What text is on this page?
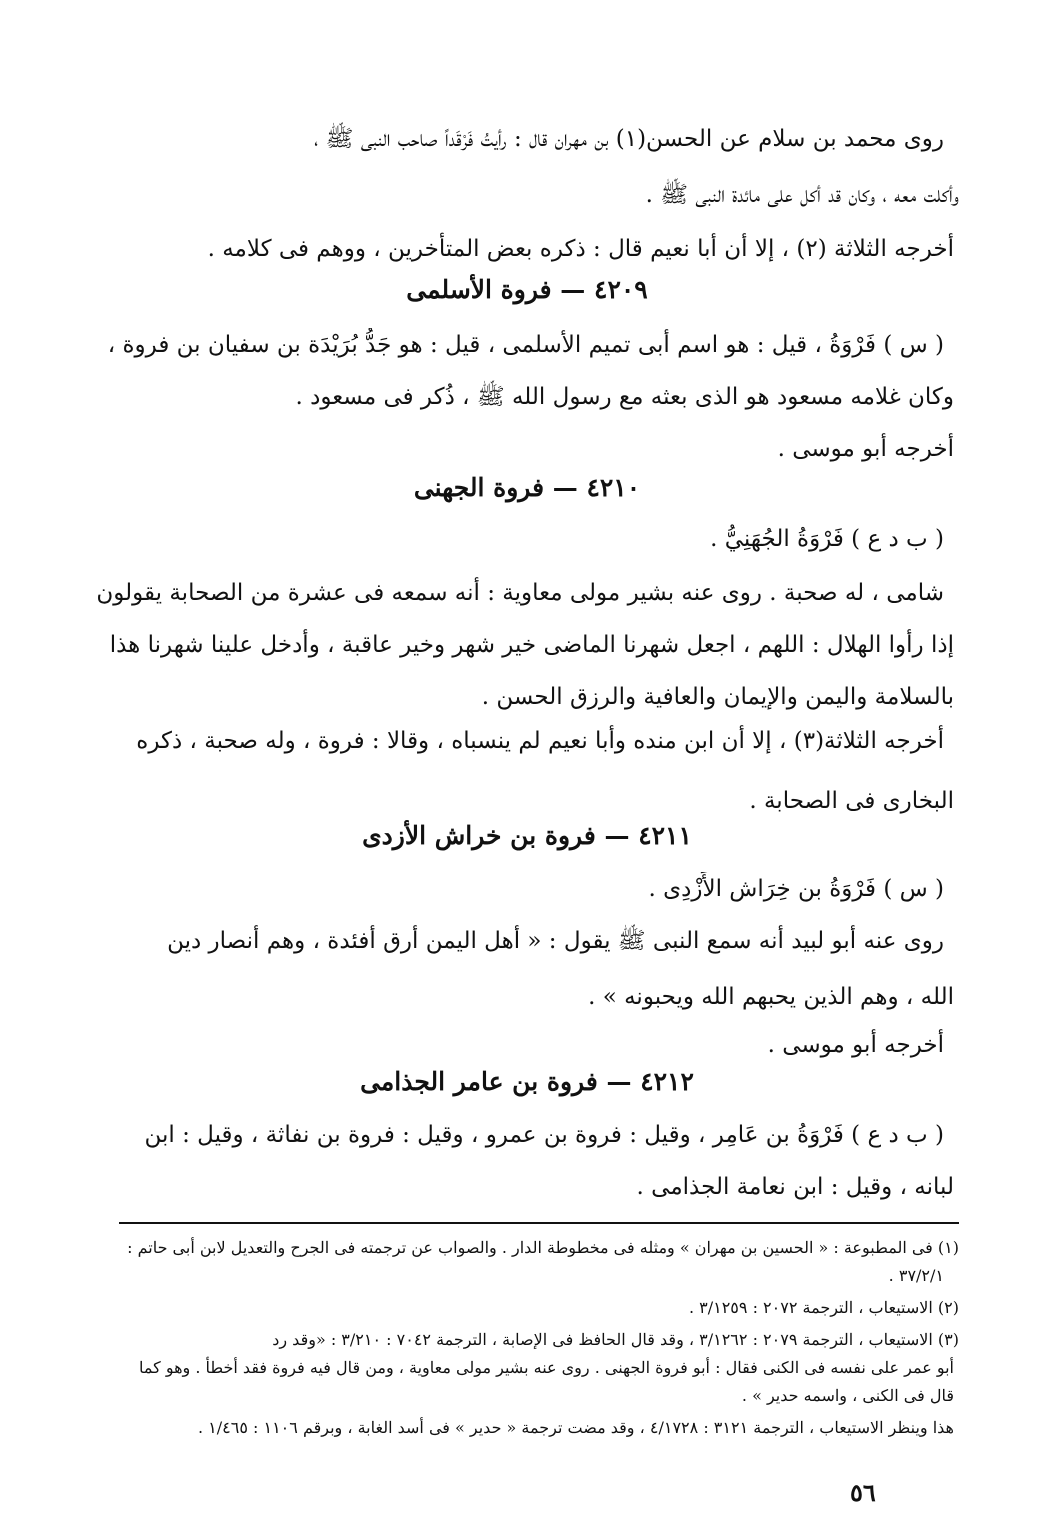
روى محمد بن سلام عن الحسن(١) بن مهران قال : رأيتُ فَرْقَداً صاحب النبى ﷺ ،
وأكلت معه ، وكان قد أكل على مائدة النبى ﷺ .
أخرجه الثلاثة (٢) ، إلا أن أبا نعيم قال : ذكره بعض المتأخرين ، ووهم فى كلامه .
٤٢٠٩ — فروة الأسلمى
( س ) فَرْوَةُ ، قيل : هو اسم أبى تميم الأسلمى ، قيل : هو جَدُّ بُرَيْدَة بن سفيان بن فروة ،
وكان غلامه مسعود هو الذى بعثه مع رسول الله ﷺ ، ذُكر فى مسعود .
أخرجه أبو موسى .
٤٢١٠ — فروة الجهنى
( ب د ع ) فَرْوَةُ الجُهَنِيُّ .
شامى ، له صحبة . روى عنه بشير مولى معاوية : أنه سمعه فى عشرة من الصحابة يقولون
إذا رأوا الهلال : اللهم ، اجعل شهرنا الماضى خير شهر وخير عاقبة ، وأدخل علينا شهرنا هذا
بالسلامة واليمن والإيمان والعافية والرزق الحسن .
أخرجه الثلاثة(٣) ، إلا أن ابن منده وأبا نعيم لم ينسباه ، وقالا : فروة ، وله صحبة ، ذكره
البخارى فى الصحابة .
٤٢١١ — فروة بن خراش الأزدى
( س ) فَرْوَةُ بن خِرَاش الأَزْدِى .
روى عنه أبو لبيد أنه سمع النبى ﷺ يقول : « أهل اليمن أرق أفئدة ، وهم أنصار دين
الله ، وهم الذين يحبهم الله ويحبونه » .
أخرجه أبو موسى .
٤٢١٢ — فروة بن عامر الجذامى
( ب د ع ) فَرْوَةُ بن عَامِر ، وقيل : فروة بن عمرو ، وقيل : فروة بن نفاثة ، وقيل : ابن
لبانه ، وقيل : ابن نعامة الجذامى .
(١) فى المطبوعة : « الحسين بن مهران » ومثله فى مخطوطة الدار . والصواب عن ترجمته فى الجرح والتعديل لابن أبى حاتم :
٣٧/٢/١ .
(٢) الاستيعاب ، الترجمة ٢٠٧٢ : ٣/١٢٥٩ .
(٣) الاستيعاب ، الترجمة ٢٠٧٩ : ٣/١٢٦٢ ، وقد قال الحافظ فى الإصابة ، الترجمة ٧٠٤٢ : ٣/٢١٠ : «وقد رد
أبو عمر على نفسه فى الكنى فقال : أبو فروة الجهنى . روى عنه بشير مولى معاوية ، ومن قال فيه فروة فقد أخطأ . وهو كما
قال فى الكنى ، واسمه حدير » .
هذا وينظر الاستيعاب ، الترجمة ٣١٢١ : ٤/١٧٢٨ ، وقد مضت ترجمة « حدير » فى أسد الغابة ، وبرقم ١١٠٦ : ١/٤٦٥ .
٥٦
